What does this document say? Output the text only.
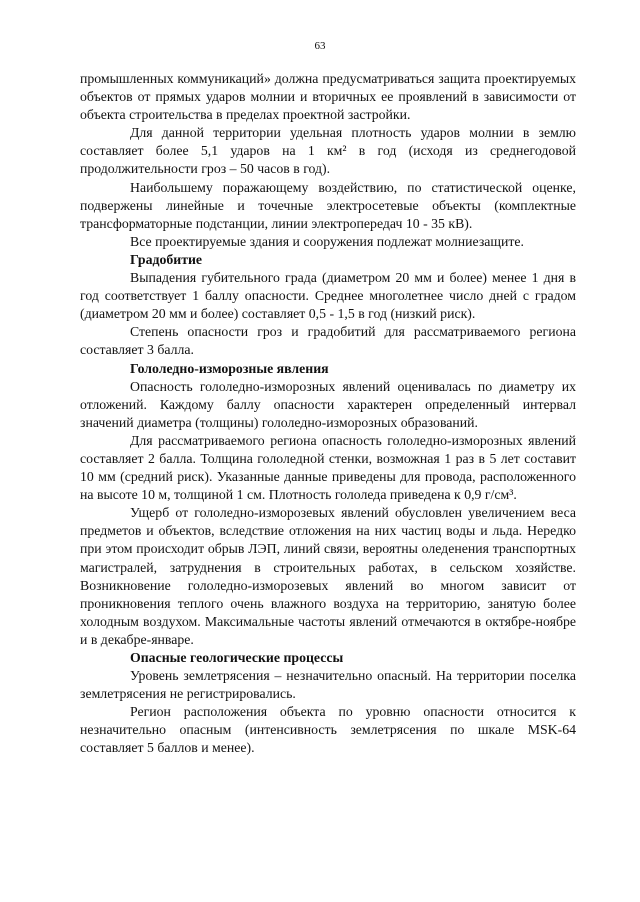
63

промышленных коммуникаций» должна предусматриваться защита проектируемых объектов от прямых ударов молнии и вторичных ее проявлений в зависимости от объекта строительства в пределах проектной застройки.

Для данной территории удельная плотность ударов молнии в землю составляет более 5,1 ударов на 1 км² в год (исходя из среднегодовой продолжительности гроз – 50 часов в год).

Наибольшему поражающему воздействию, по статистической оценке, подвержены линейные и точечные электросетевые объекты (комплектные трансформаторные подстанции, линии электропередач 10 - 35 кВ).

Все проектируемые здания и сооружения подлежат молниезащите.

Градобитие

Выпадения губительного града (диаметром 20 мм и более) менее 1 дня в год соответствует 1 баллу опасности. Среднее многолетнее число дней с градом (диаметром 20 мм и более) составляет 0,5 - 1,5 в год (низкий риск).

Степень опасности гроз и градобитий для рассматриваемого региона составляет 3 балла.

Гололедно-изморозные явления

Опасность гололедно-изморозных явлений оценивалась по диаметру их отложений. Каждому баллу опасности характерен определенный интервал значений диаметра (толщины) гололедно-изморозных образований.

Для рассматриваемого региона опасность гололедно-изморозных явлений составляет 2 балла. Толщина гололедной стенки, возможная 1 раз в 5 лет составит 10 мм (средний риск). Указанные данные приведены для провода, расположенного на высоте 10 м, толщиной 1 см. Плотность гололеда приведена к 0,9 г/см³.

Ущерб от гололедно-изморозевых явлений обусловлен увеличением веса предметов и объектов, вследствие отложения на них частиц воды и льда. Нередко при этом происходит обрыв ЛЭП, линий связи, вероятны оледенения транспортных магистралей, затруднения в строительных работах, в сельском хозяйстве. Возникновение гололедно-изморозевых явлений во многом зависит от проникновения теплого очень влажного воздуха на территорию, занятую более холодным воздухом. Максимальные частоты явлений отмечаются в октябре-ноябре и в декабре-январе.

Опасные геологические процессы

Уровень землетрясения – незначительно опасный. На территории поселка землетрясения не регистрировались.

Регион расположения объекта по уровню опасности относится к незначительно опасным (интенсивность землетрясения по шкале MSK-64 составляет 5 баллов и менее).
